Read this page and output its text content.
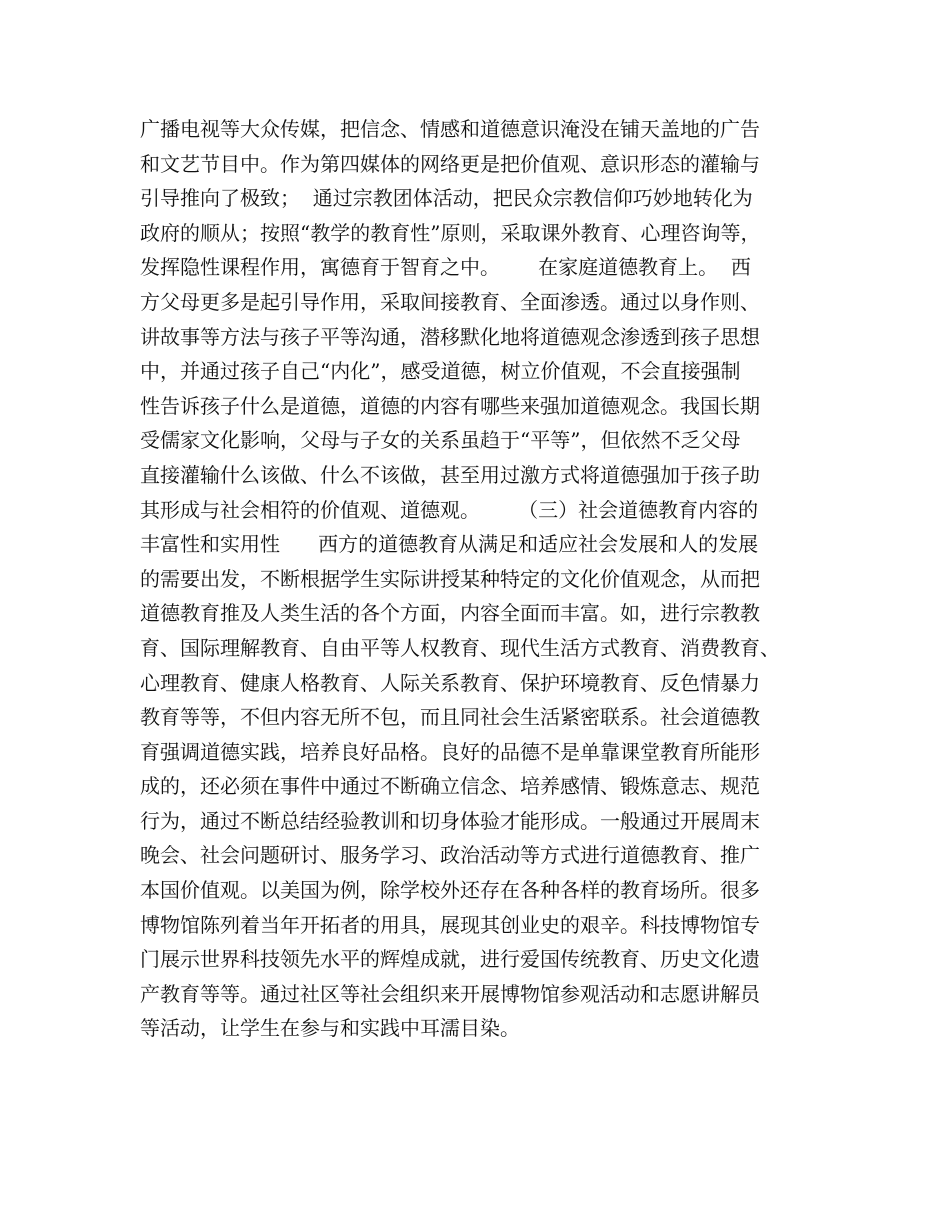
广播电视等大众传媒，把信念、情感和道德意识淹没在铺天盖地的广告
和文艺节目中。作为第四媒体的网络更是把价值观、意识形态的灌输与
引导推向了极致；  通过宗教团体活动，把民众宗教信仰巧妙地转化为
政府的顺从；按照“教学的教育性”原则，采取课外教育、心理咨询等，
发挥隐性课程作用，寓德育于智育之中。      在家庭道德教育上。  西
方父母更多是起引导作用，采取间接教育、全面渗透。通过以身作则、
讲故事等方法与孩子平等沟通，潜移默化地将道德观念渗透到孩子思想
中，并通过孩子自己“内化”，感受道德，树立价值观，不会直接强制
性告诉孩子什么是道德，道德的内容有哪些来强加道德观念。我国长期
受儒家文化影响，父母与子女的关系虽趋于“平等”，但依然不乏父母
直接灌输什么该做、什么不该做，甚至用过激方式将道德强加于孩子助
其形成与社会相符的价值观、道德观。      （三）社会道德教育内容的
丰富性和实用性      西方的道德教育从满足和适应社会发展和人的发展
的需要出发，不断根据学生实际讲授某种特定的文化价值观念，从而把
道德教育推及人类生活的各个方面，内容全面而丰富。如，进行宗教教
育、国际理解教育、自由平等人权教育、现代生活方式教育、消费教育、
心理教育、健康人格教育、人际关系教育、保护环境教育、反色情暴力
教育等等，不但内容无所不包，而且同社会生活紧密联系。社会道德教
育强调道德实践，培养良好品格。良好的品德不是单靠课堂教育所能形
成的，还必须在事件中通过不断确立信念、培养感情、锻炼意志、规范
行为，通过不断总结经验教训和切身体验才能形成。一般通过开展周末
晚会、社会问题研讨、服务学习、政治活动等方式进行道德教育、推广
本国价值观。以美国为例，除学校外还存在各种各样的教育场所。很多
博物馆陈列着当年开拓者的用具，展现其创业史的艰辛。科技博物馆专
门展示世界科技领先水平的辉煌成就，进行爱国传统教育、历史文化遗
产教育等等。通过社区等社会组织来开展博物馆参观活动和志愿讲解员
等活动，让学生在参与和实践中耳濡目染。
